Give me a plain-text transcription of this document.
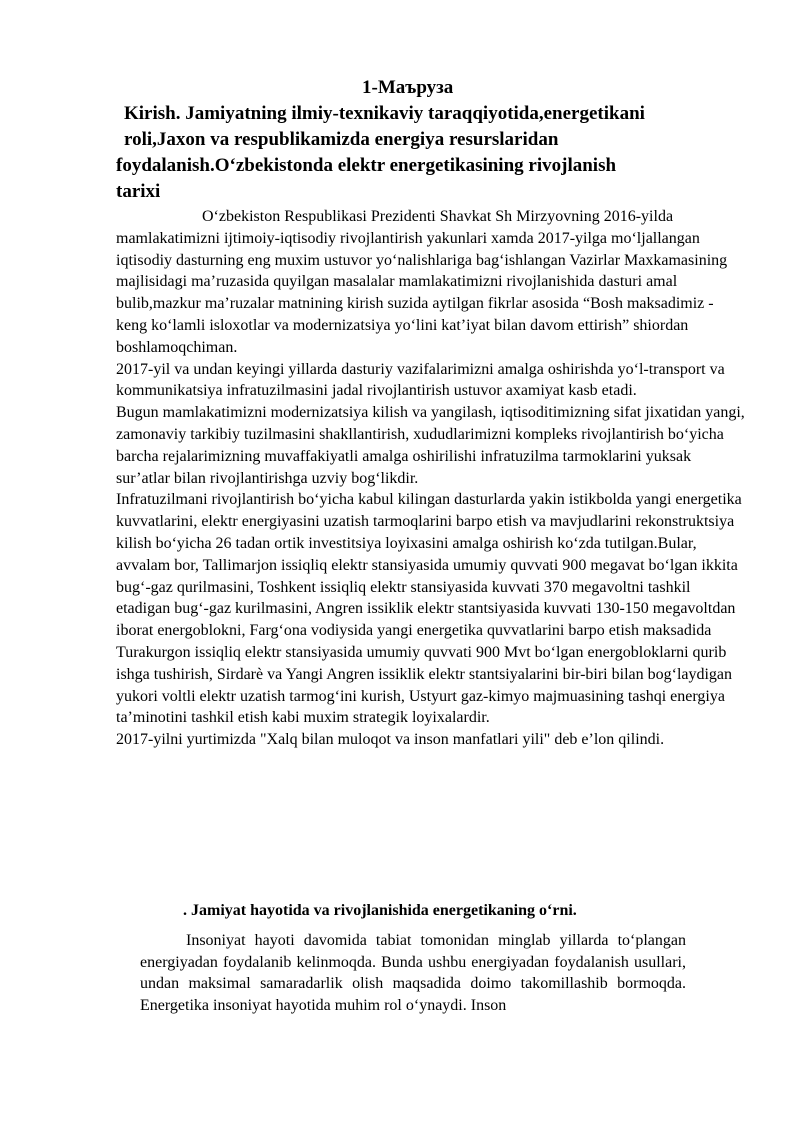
1-Маъруза
Kirish. Jamiyatning ilmiy-texnikaviy taraqqiyotida,energetikani
roli,Jaxon va respublikamizda energiya resurslaridan
foydalanish.O‘zbekistonda elektr energetikasining rivojlanish
tarixi

O‘zbekiston Respublikasi Prezidenti Shavkat Sh Mirzyovning 2016-yilda mamlakatimizni ijtimoiy-iqtisodiy rivojlantirish yakunlari xamda 2017-yilga mo‘ljallangan iqtisodiy dasturning eng muxim ustuvor yo‘nalishlariga bag‘ishlangan Vazirlar Maxkamasining majlisidagi ma’ruzasida quyilgan masalalar mamlakatimizni rivojlanishida dasturi amal bulib,mazkur ma’ruzalar matnining kirish suzida aytilgan fikrlar asosida “Bosh maksadimiz - keng ko‘lamli isloxotlar va modernizatsiya yo‘lini kat’iyat bilan davom ettirish” shiordan boshlamoqchiman.

2017-yil va undan keyingi yillarda dasturiy vazifalarimizni amalga oshirishda yo‘l-transport va kommunikatsiya infratuzilmasini jadal rivojlantirish ustuvor axamiyat kasb etadi.

Bugun mamlakatimizni modernizatsiya kilish va yangilash, iqtisoditimizning sifat jixatidan yangi, zamonaviy tarkibiy tuzilmasini shakllantirish, xududlarimizni kompleks rivojlantirish bo‘yicha barcha rejalarimizning muvaffakiyatli amalga oshirilishi infratuzilma tarmoklarini yuksak sur’atlar bilan rivojlantirishga uzviy bog‘likdir.

Infratuzilmani rivojlantirish bo‘yicha kabul kilingan dasturlarda yakin istikbolda yangi energetika kuvvatlarini, elektr energiyasini uzatish tarmoqlarini barpo etish va mavjudlarini rekonstruktsiya kilish bo‘yicha 26 tadan ortik investitsiya loyixasini amalga oshirish ko‘zda tutilgan.Bular, avvalam bor, Tallimarjon issiqliq elektr stansiyasida umumiy quvvati 900 megavat bo‘lgan ikkita bug‘-gaz qurilmasini, Toshkent issiqliq elektr stansiyasida kuvvati 370 megavoltni tashkil etadigan bug‘-gaz kurilmasini, Angren issiklik elektr stantsiyasida kuvvati 130-150 megavoltdan iborat energoblokni, Farg‘ona vodiysida yangi energetika quvvatlarini barpo etish maksadida Turakurgon issiqliq elektr stansiyasida umumiy quvvati 900 Mvt bo‘lgan energobloklarni qurib ishga tushirish, Sirdarè va Yangi Angren issiklik elektr stantsiyalarini bir-biri bilan bog‘laydigan yukori voltli elektr uzatish tarmog‘ini kurish, Ustyurt gaz-kimyo majmuasining tashqi energiya ta’minotini tashkil etish kabi muxim strategik loyixalardir.

2017-yilni yurtimizda "Xalq bilan muloqot va inson manfatlari yili" deb e’lon qilindi.

. Jamiyat hayotida va rivojlanishida energetikaning o‘rni.
Insoniyat hayoti davomida tabiat tomonidan minglab yillarda to‘plangan energiyadan foydalanib kelinmoqda. Bunda ushbu energiyadan foydalanish usullari, undan maksimal samaradarlik olish maqsadida doimo takomillashib bormoqda. Energetika insoniyat hayotida muhim rol o‘ynaydi. Inson
